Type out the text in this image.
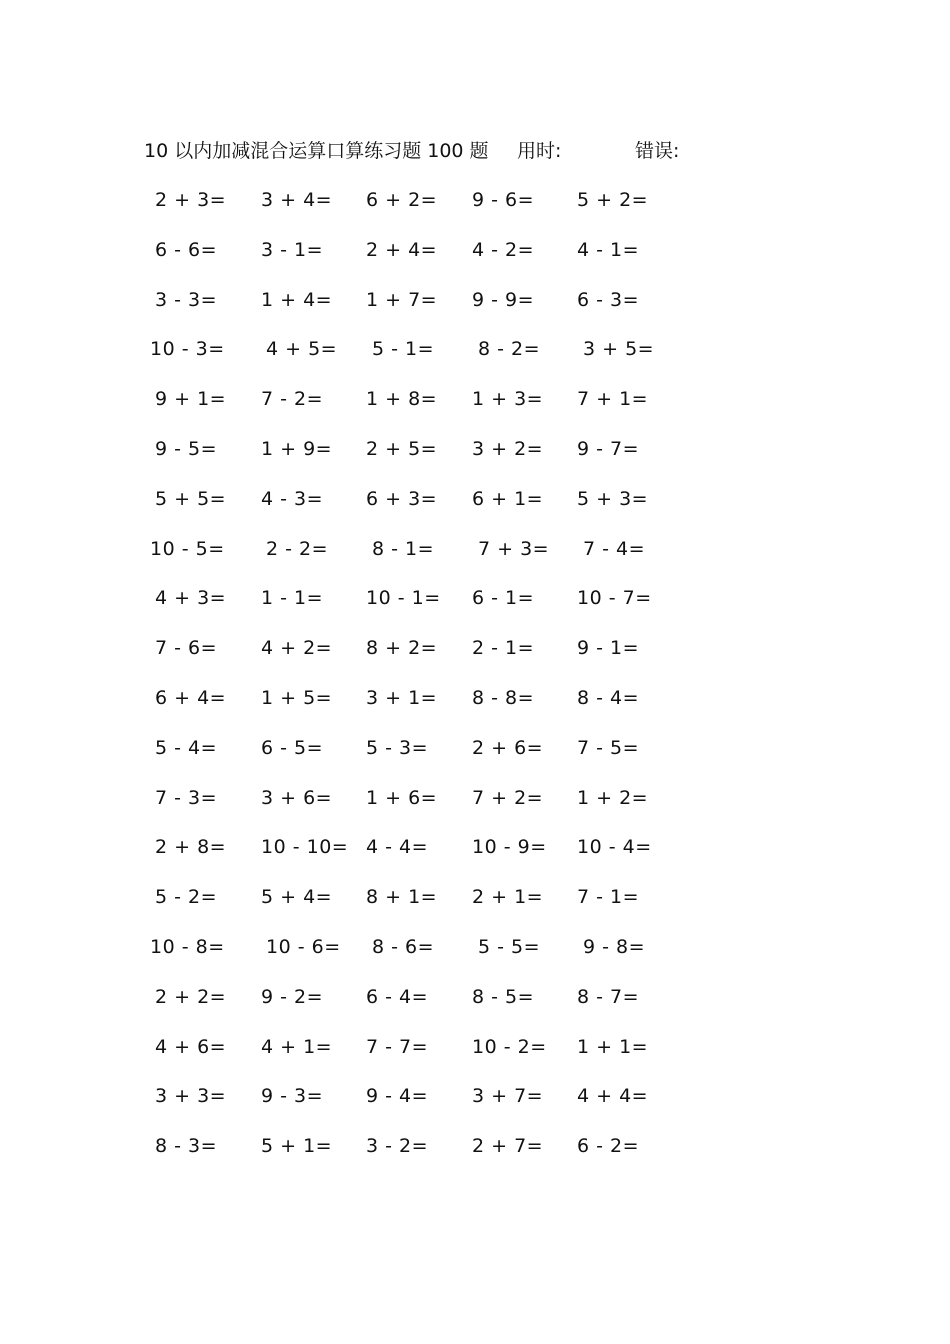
10 以内加减混合运算口算练习题 100 题 用时:	错误:
2 + 3= 3 + 4= 6 + 2= 9 - 6= 5 + 2=
6 - 6= 3 - 1= 2 + 4= 4 - 2= 4 - 1=
3 - 3= 1 + 4= 1 + 7= 9 - 9= 6 - 3=
10 - 3= 4 + 5= 5 - 1= 8 - 2= 3 + 5=
9 + 1= 7 - 2= 1 + 8= 1 + 3= 7 + 1=
9 - 5= 1 + 9= 2 + 5= 3 + 2= 9 - 7=
5 + 5= 4 - 3= 6 + 3= 6 + 1= 5 + 3=
10 - 5= 2 - 2= 8 - 1= 7 + 3= 7 - 4=
4 + 3= 1 - 1= 10 - 1= 6 - 1= 10 - 7=
7 - 6= 4 + 2= 8 + 2= 2 - 1= 9 - 1=
6 + 4= 1 + 5= 3 + 1= 8 - 8= 8 - 4=
5 - 4= 6 - 5= 5 - 3= 2 + 6= 7 - 5=
7 - 3= 3 + 6= 1 + 6= 7 + 2= 1 + 2=
2 + 8= 10 - 10= 4 - 4= 10 - 9= 10 - 4=
5 - 2= 5 + 4= 8 + 1= 2 + 1= 7 - 1=
10 - 8= 10 - 6= 8 - 6= 5 - 5= 9 - 8=
2 + 2= 9 - 2= 6 - 4= 8 - 5= 8 - 7=
4 + 6= 4 + 1= 7 - 7= 10 - 2= 1 + 1=
3 + 3= 9 - 3= 9 - 4= 3 + 7= 4 + 4=
8 - 3= 5 + 1= 3 - 2= 2 + 7= 6 - 2=
